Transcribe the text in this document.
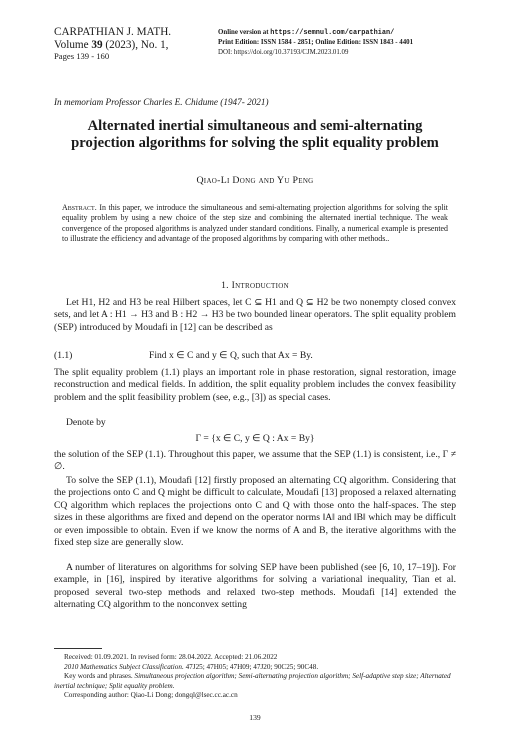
CARPATHIAN J. MATH.
Volume 39 (2023), No. 1,
Pages 139 - 160
Online version at https://semnul.com/carpathian/
Print Edition: ISSN 1584 - 2851; Online Edition: ISSN 1843 - 4401
DOI: https://doi.org/10.37193/CJM.2023.01.09
In memoriam Professor Charles E. Chidume (1947- 2021)
Alternated inertial simultaneous and semi-alternating
projection algorithms for solving the split equality problem
Qiao-Li Dong and Yu Peng
Abstract. In this paper, we introduce the simultaneous and semi-alternating projection algorithms for solving the split equality problem by using a new choice of the step size and combining the alternated inertial technique. The weak convergence of the proposed algorithms is analyzed under standard conditions. Finally, a numerical example is presented to illustrate the efficiency and advantage of the proposed algorithms by comparing with other methods..
1. Introduction
Let H1, H2 and H3 be real Hilbert spaces, let C ⊆ H1 and Q ⊆ H2 be two nonempty closed convex sets, and let A : H1 → H3 and B : H2 → H3 be two bounded linear operators. The split equality problem (SEP) introduced by Moudafi in [12] can be described as
(1.1)	Find x ∈ C and y ∈ Q, such that Ax = By.
The split equality problem (1.1) plays an important role in phase restoration, signal restoration, image reconstruction and medical fields. In addition, the split equality problem includes the convex feasibility problem and the split feasibility problem (see, e.g., [3]) as special cases.
Denote by
Γ = {x ∈ C, y ∈ Q : Ax = By}
the solution of the SEP (1.1). Throughout this paper, we assume that the SEP (1.1) is consistent, i.e., Γ ≠ ∅.
To solve the SEP (1.1), Moudafi [12] firstly proposed an alternating CQ algorithm. Considering that the projections onto C and Q might be difficult to calculate, Moudafi [13] proposed a relaxed alternating CQ algorithm which replaces the projections onto C and Q with those onto the half-spaces. The step sizes in these algorithms are fixed and depend on the operator norms ‖A‖ and ‖B‖ which may be difficult or even impossible to obtain. Even if we know the norms of A and B, the iterative algorithms with the fixed step size are generally slow.
A number of literatures on algorithms for solving SEP have been published (see [6, 10, 17–19]). For example, in [16], inspired by iterative algorithms for solving a variational inequality, Tian et al. proposed several two-step methods and relaxed two-step methods. Moudafi [14] extended the alternating CQ algorithm to the nonconvex setting

Received: 01.09.2021. In revised form: 28.04.2022. Accepted: 21.06.2022

2010 Mathematics Subject Classification. 47J25; 47H05; 47H09; 47J20; 90C25; 90C48.

Key words and phrases. Simultaneous projection algorithm; Semi-alternating projection algorithm; Self-adaptive step size; Alternated inertial technique; Split equality problem.

Corresponding author: Qiao-Li Dong; dongql@lsec.cc.ac.cn

139
